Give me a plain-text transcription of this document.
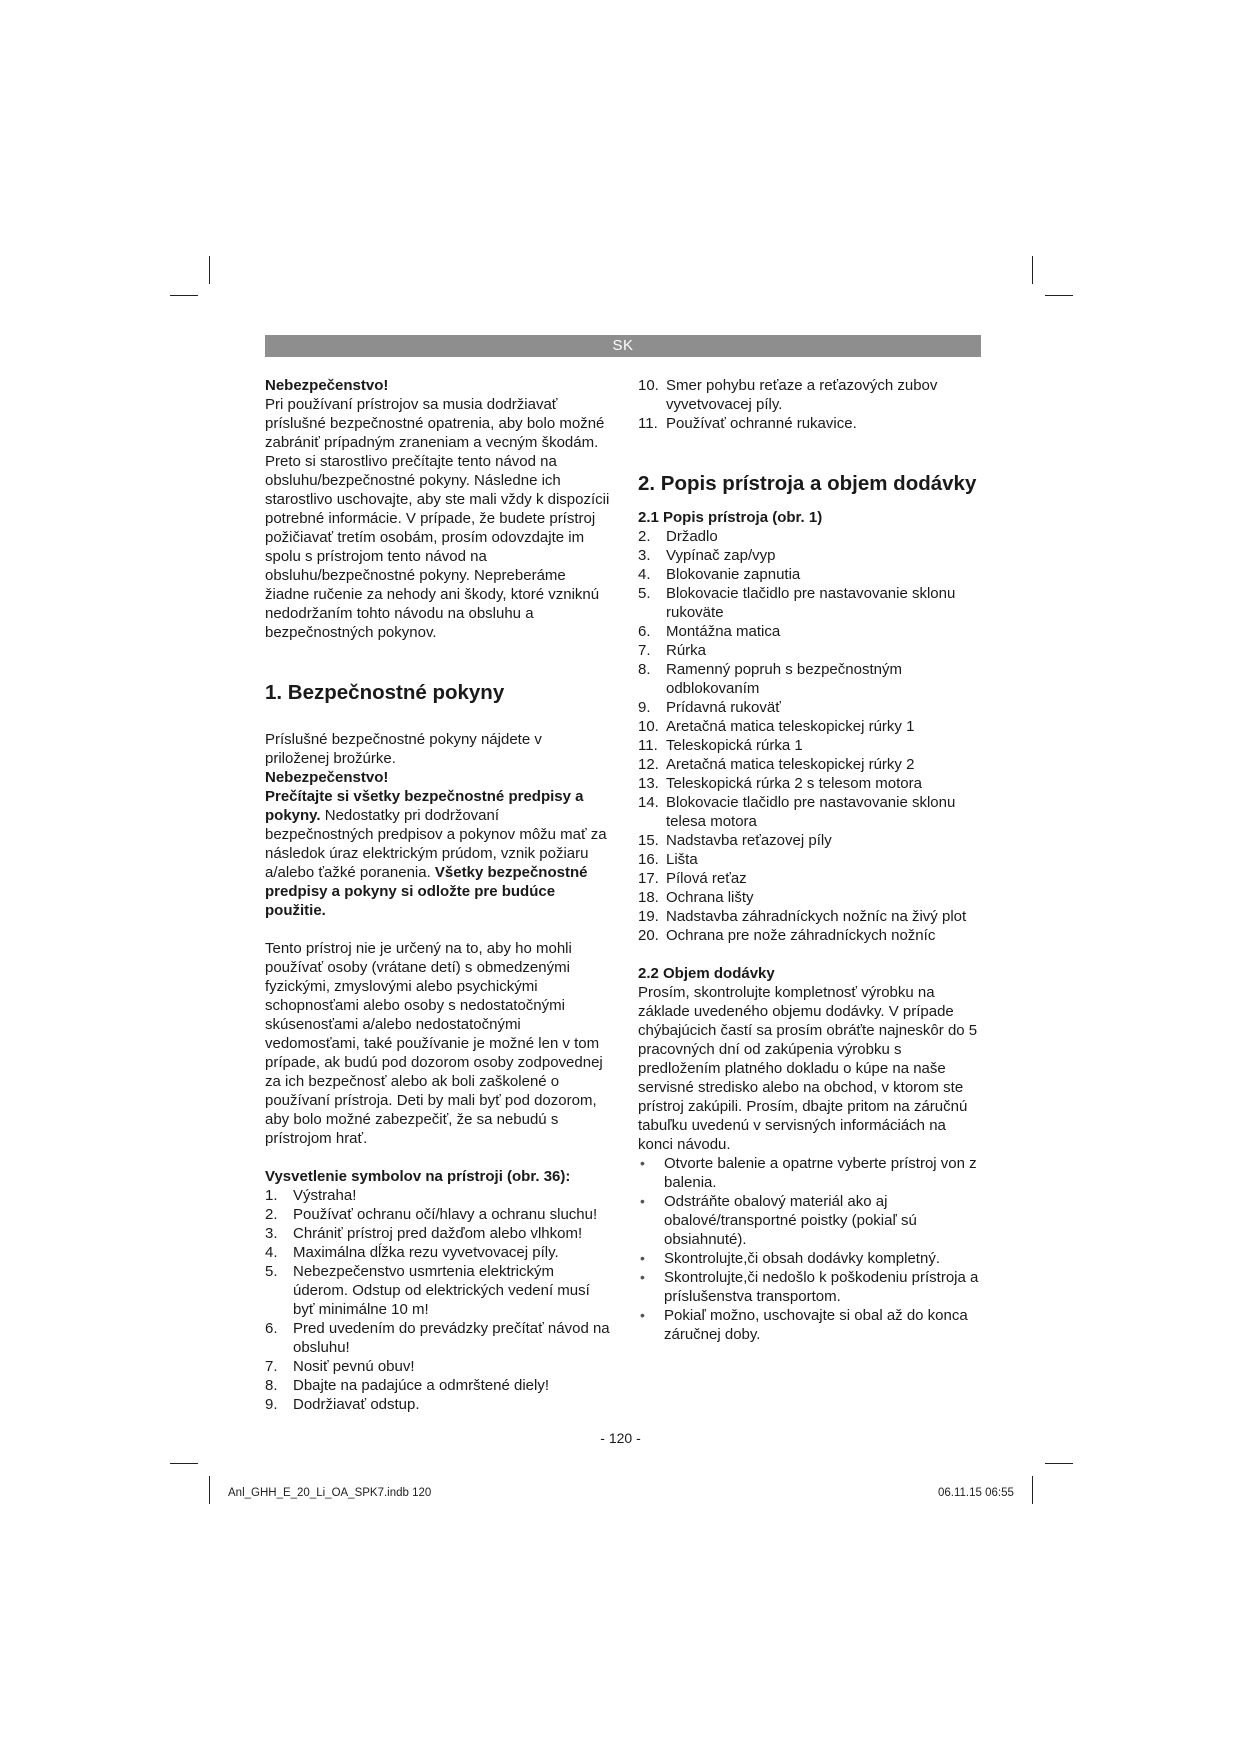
SK

Nebezpečenstvo!

Pri používaní prístrojov sa musia dodržiavať príslušné bezpečnostné opatrenia, aby bolo možné zabrániť prípadným zraneniam a vecným škodám. Preto si starostlivo prečítajte tento návod na obsluhu/bezpečnostné pokyny. Následne ich starostlivo uschovajte, aby ste mali vždy k dispozícii potrebné informácie. V prípade, že budete prístroj požičiavať tretím osobám, prosím odovzdajte im spolu s prístrojom tento návod na obsluhu/bezpečnostné pokyny. Nepreberáme žiadne ručenie za nehody ani škody, ktoré vzniknú nedodržaním tohto návodu na obsluhu a bezpečnostných pokynov.

1. Bezpečnostné pokyny

Príslušné bezpečnostné pokyny nájdete v priloženej brožúrke.

Nebezpečenstvo!

Prečítajte si všetky bezpečnostné predpisy a pokyny. Nedostatky pri dodržovaní bezpečnostných predpisov a pokynov môžu mať za následok úraz elektrickým prúdom, vznik požiaru a/alebo ťažké poranenia. Všetky bezpečnostné predpisy a pokyny si odložte pre budúce použitie.

Tento prístroj nie je určený na to, aby ho mohli používať osoby (vrátane detí) s obmedzenými fyzickými, zmyslovými alebo psychickými schopnosťami alebo osoby s nedostatočnými skúsenosťami a/alebo nedostatočnými vedomosťami, také používanie je možné len v tom prípade, ak budú pod dozorom osoby zodpovednej za ich bezpečnosť alebo ak boli zaškolené o používaní prístroja. Deti by mali byť pod dozorom, aby bolo možné zabezpečiť, že sa nebudú s prístrojom hrať.

Vysvetlenie symbolov na prístroji (obr. 36):

1. Výstraha!
2. Používať ochranu očí/hlavy a ochranu sluchu!
3. Chrániť prístroj pred dažďom alebo vlhkom!
4. Maximálna dĺžka rezu vyvetvovacej píly.
5. Nebezpečenstvo usmrtenia elektrickým úderom. Odstup od elektrických vedení musí byť minimálne 10 m!
6. Pred uvedením do prevádzky prečítať návod na obsluhu!
7. Nosiť pevnú obuv!
8. Dbajte na padajúce a odmrštené diely!
9. Dodržiavať odstup.
10. Smer pohybu reťaze a reťazových zubov vyvetvovacej píly.
11. Používať ochranné rukavice.

2. Popis prístroja a objem dodávky

2.1 Popis prístroja (obr. 1)

2. Držadlo
3. Vypínač zap/vyp
4. Blokovanie zapnutia
5. Blokovacie tlačidlo pre nastavovanie sklonu rukoväte
6. Montážna matica
7. Rúrka
8. Ramenný popruh s bezpečnostným odblokovaním
9. Prídavná rukoväť
10. Aretačná matica teleskopickej rúrky 1
11. Teleskopická rúrka 1
12. Aretačná matica teleskopickej rúrky 2
13. Teleskopická rúrka 2 s telesom motora
14. Blokovacie tlačidlo pre nastavovanie sklonu telesa motora
15. Nadstavba reťazovej píly
16. Lišta
17. Pílová reťaz
18. Ochrana lišty
19. Nadstavba záhradníckych nožníc na živý plot
20. Ochrana pre nože záhradníckych nožníc

2.2 Objem dodávky

Prosím, skontrolujte kompletnosť výrobku na základe uvedeného objemu dodávky. V prípade chýbajúcich častí sa prosím obráťte najneskôr do 5 pracovných dní od zakúpenia výrobku s predložením platného dokladu o kúpe na naše servisné stredisko alebo na obchod, v ktorom ste prístroj zakúpili. Prosím, dbajte pritom na záručnú tabuľku uvedenú v servisných informáciách na konci návodu.

• Otvorte balenie a opatrne vyberte prístroj von z balenia.
• Odstráňte obalový materiál ako aj obalové/transportné poistky (pokiaľ sú obsiahnuté).
• Skontrolujte,či obsah dodávky kompletný.
• Skontrolujte,či nedošlo k poškodeniu prístroja a príslušenstva transportom.
• Pokiaľ možno, uschovajte si obal až do konca záručnej doby.
- 120 -
Anl_GHH_E_20_Li_OA_SPK7.indb 120	06.11.15 06:55
